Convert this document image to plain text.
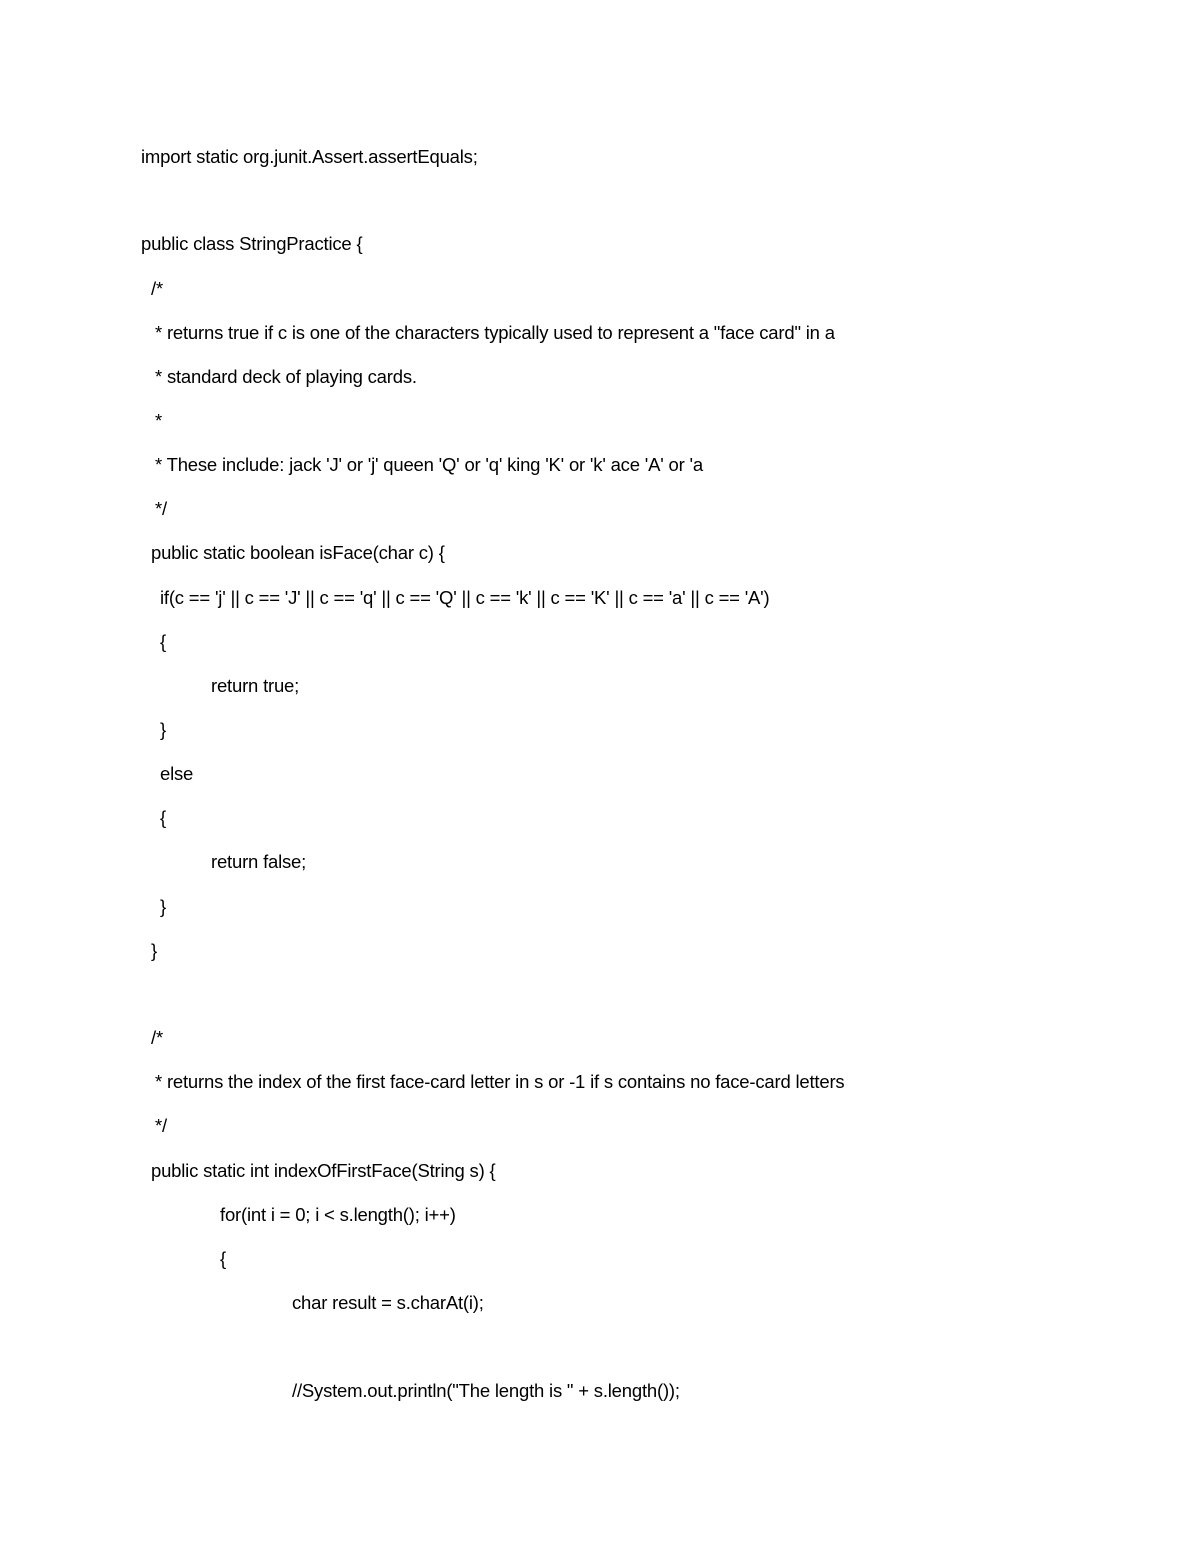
import static org.junit.Assert.assertEquals;
public class StringPractice {
/*
* returns true if c is one of the characters typically used to represent a "face card" in a
* standard deck of playing cards.
*
* These include: jack 'J' or 'j' queen 'Q' or 'q' king 'K' or 'k' ace 'A' or 'a
*/
public static boolean isFace(char c) {
if(c == 'j' || c == 'J' || c == 'q' || c == 'Q' || c == 'k' || c == 'K' || c == 'a' || c == 'A')
{
return true;
}
else
{
return false;
}
}
/*
* returns the index of the first face-card letter in s or -1 if s contains no face-card letters
*/
public static int indexOfFirstFace(String s) {
for(int i = 0; i < s.length(); i++)
{
char result = s.charAt(i);
//System.out.println("The length is " + s.length());
